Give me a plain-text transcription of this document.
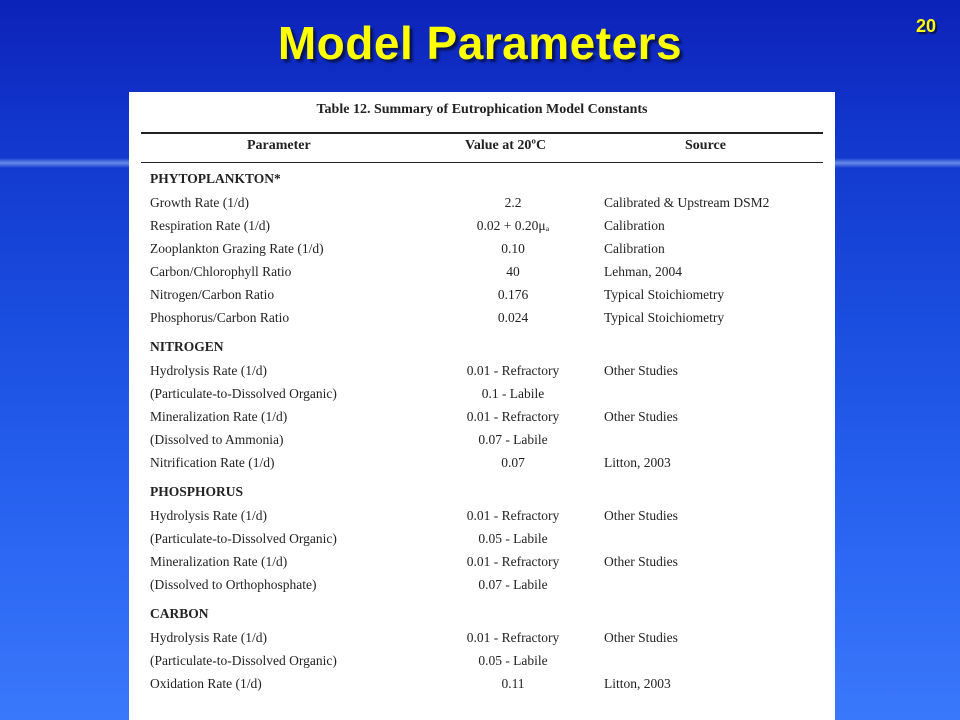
Model Parameters	20
Table 12. Summary of Eutrophication Model Constants
Parameter	Value at 20ºC	Source
PHYTOPLANKTON*
Growth Rate (1/d)	2.2	Calibrated & Upstream DSM2
Respiration Rate (1/d)	0.02 + 0.20μₐ	Calibration
Zooplankton Grazing Rate (1/d)	0.10	Calibration
Carbon/Chlorophyll Ratio	40	Lehman, 2004
Nitrogen/Carbon Ratio	0.176	Typical Stoichiometry
Phosphorus/Carbon Ratio	0.024	Typical Stoichiometry
NITROGEN
Hydrolysis Rate (1/d)	0.01 - Refractory	Other Studies
(Particulate-to-Dissolved Organic)	0.1 - Labile
Mineralization Rate (1/d)	0.01 - Refractory	Other Studies
(Dissolved to Ammonia)	0.07 - Labile
Nitrification Rate (1/d)	0.07	Litton, 2003
PHOSPHORUS
Hydrolysis Rate (1/d)	0.01 - Refractory	Other Studies
(Particulate-to-Dissolved Organic)	0.05 - Labile
Mineralization Rate (1/d)	0.01 - Refractory	Other Studies
(Dissolved to Orthophosphate)	0.07 - Labile
CARBON
Hydrolysis Rate (1/d)	0.01 - Refractory	Other Studies
(Particulate-to-Dissolved Organic)	0.05 - Labile
Oxidation Rate (1/d)	0.11	Litton, 2003
